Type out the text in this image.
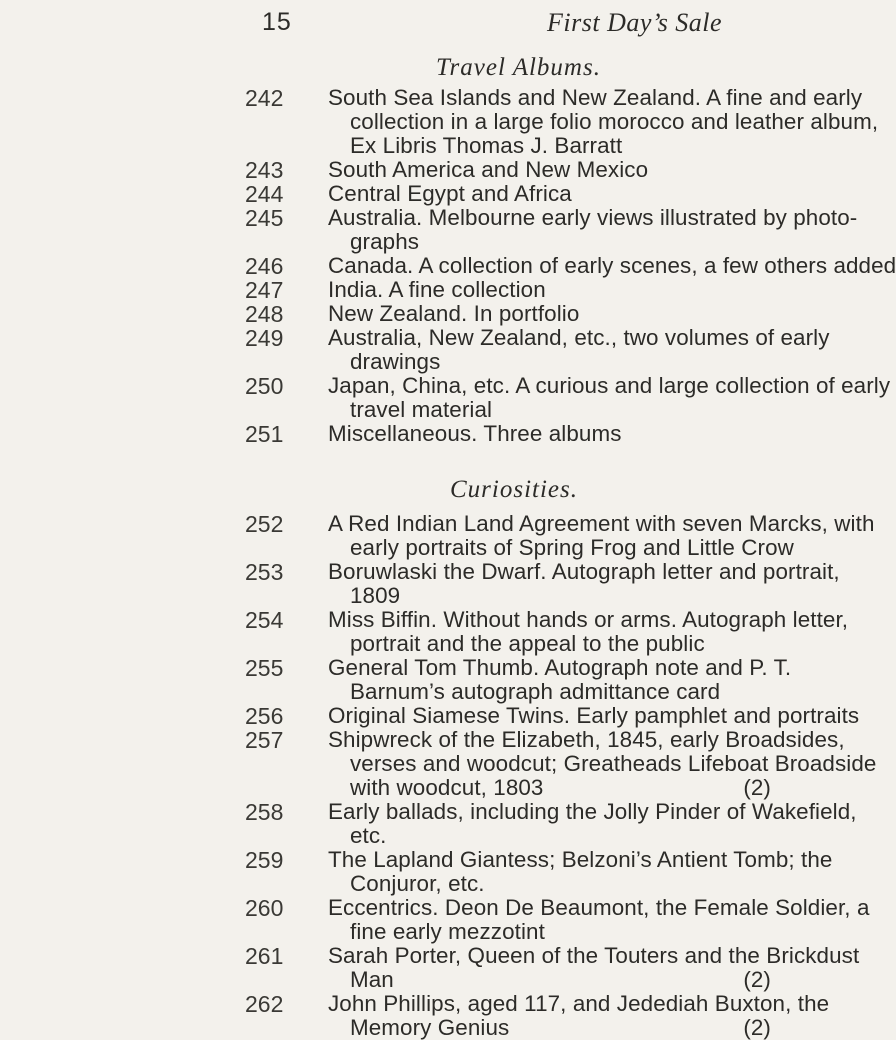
15	First Day’s Sale
Travel Albums.
242	South Sea Islands and New Zealand. A fine and early
collection in a large folio morocco and leather album,
Ex Libris Thomas J. Barratt
243	South America and New Mexico
244	Central Egypt and Africa
245	Australia. Melbourne early views illustrated by photo-
graphs
246	Canada. A collection of early scenes, a few others added
247	India. A fine collection
248	New Zealand. In portfolio
249	Australia, New Zealand, etc., two volumes of early
drawings
250	Japan, China, etc. A curious and large collection of early
travel material
251	Miscellaneous. Three albums
Curiosities.
252	A Red Indian Land Agreement with seven Marcks, with
early portraits of Spring Frog and Little Crow
253	Boruwlaski the Dwarf. Autograph letter and portrait,
1809
254	Miss Biffin. Without hands or arms. Autograph letter,
portrait and the appeal to the public
255	General Tom Thumb. Autograph note and P. T.
Barnum’s autograph admittance card
256	Original Siamese Twins. Early pamphlet and portraits
257	Shipwreck of the Elizabeth, 1845, early Broadsides,
verses and woodcut; Greatheads Lifeboat Broadside
with woodcut, 1803	(2)
258	Early ballads, including the Jolly Pinder of Wakefield,
etc.
259	The Lapland Giantess; Belzoni’s Antient Tomb; the
Conjuror, etc.
260	Eccentrics. Deon De Beaumont, the Female Soldier, a
fine early mezzotint
261	Sarah Porter, Queen of the Touters and the Brickdust
Man	(2)
262	John Phillips, aged 117, and Jedediah Buxton, the
Memory Genius	(2)
